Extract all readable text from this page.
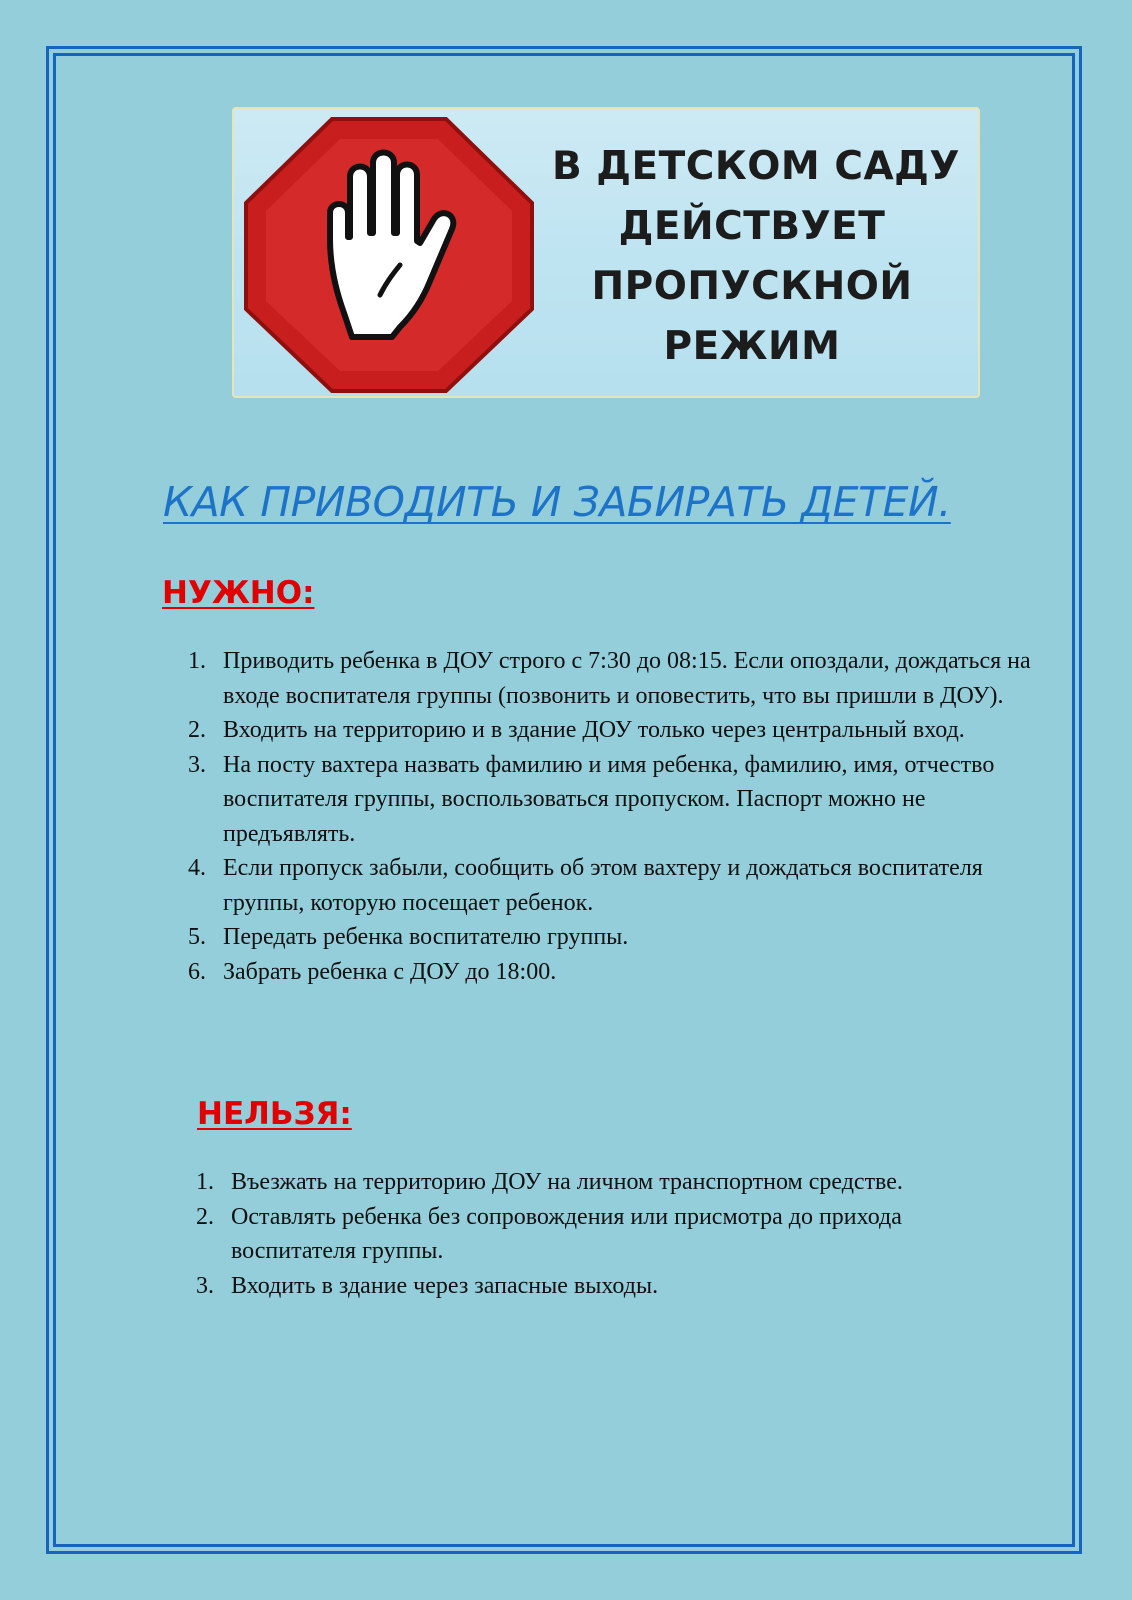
В ДЕТСКОМ САДУ
ДЕЙСТВУЕТ
ПРОПУСКНОЙ
РЕЖИМ
КАК ПРИВОДИТЬ И ЗАБИРАТЬ ДЕТЕЙ.
НУЖНО:
1. Приводить ребенка в ДОУ строго с 7:30 до 08:15. Если опоздали, дождаться на входе воспитателя группы (позвонить и оповестить, что вы пришли в ДОУ).
2. Входить на территорию и в здание ДОУ только через центральный вход.
3. На посту вахтера назвать фамилию и имя ребенка, фамилию, имя, отчество воспитателя группы, воспользоваться пропуском. Паспорт можно не предъявлять.
4. Если пропуск забыли, сообщить об этом вахтеру и дождаться воспитателя группы, которую посещает ребенок.
5. Передать ребенка воспитателю группы.
6. Забрать ребенка с ДОУ до 18:00.
НЕЛЬЗЯ:
1. Въезжать на территорию ДОУ на личном транспортном средстве.
2. Оставлять ребенка без сопровождения или присмотра до прихода воспитателя группы.
3. Входить в здание через запасные выходы.
